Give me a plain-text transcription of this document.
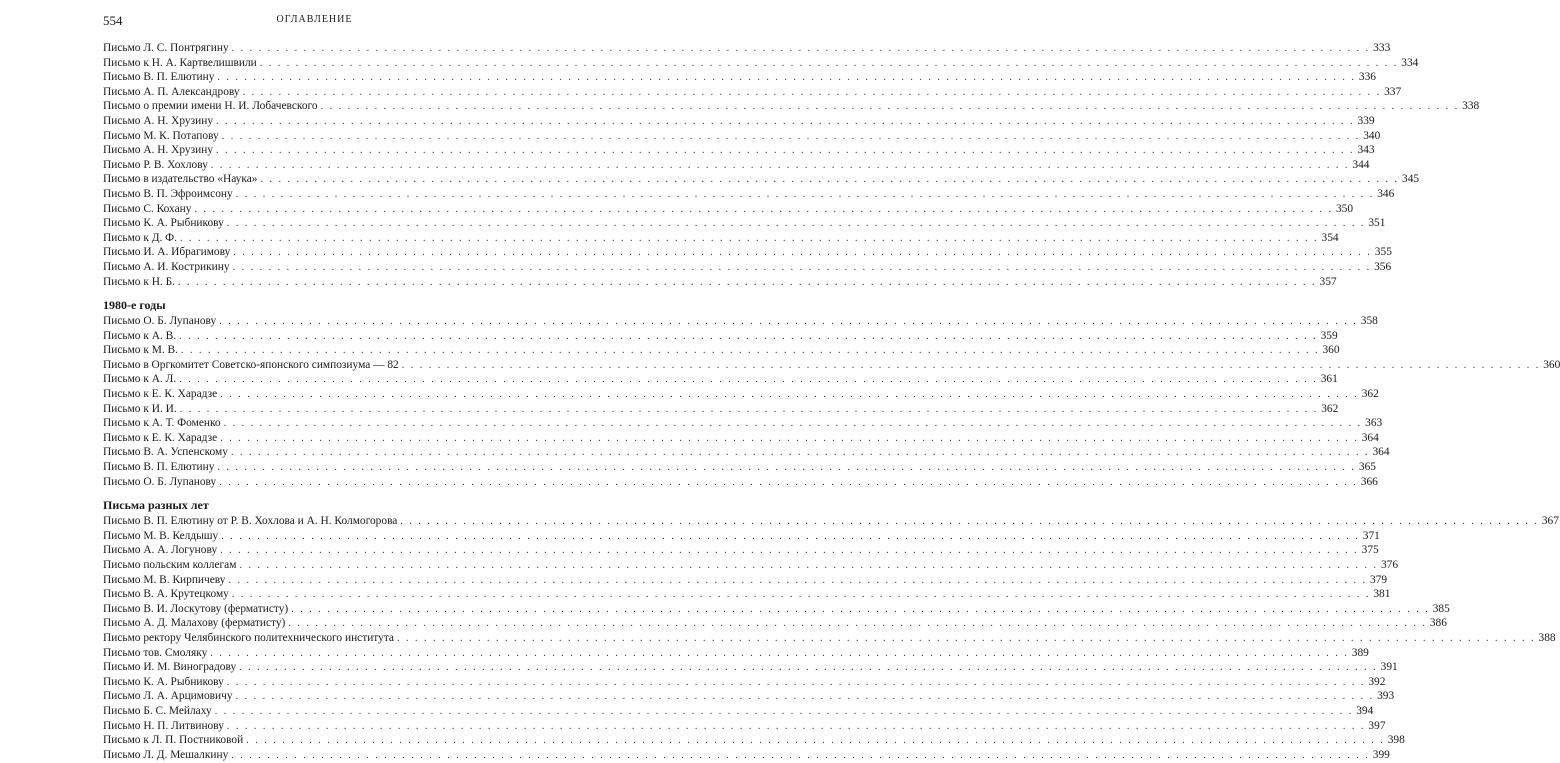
554	ОГЛАВЛЕНИЕ
Письмо Л. С. Понтрягину . . .	333
Письмо к Н. А. Картвелишвили . . .	334
Письмо В. П. Елютину . . .	336
Письмо А. П. Александрову . . .	337
Письмо о премии имени Н. И. Лобачевского . . .	338
Письмо А. Н. Хрузину . . .	339
Письмо М. К. Потапову . . .	340
Письмо А. Н. Хрузину . . .	343
Письмо Р. В. Хохлову . . .	344
Письмо в издательство «Наука» . . .	345
Письмо В. П. Эфроимсону . . .	346
Письмо С. Кохану . . .	350
Письмо К. А. Рыбникову . . .	351
Письмо к Д. Ф. . . .	354
Письмо И. А. Ибрагимову . . .	355
Письмо А. И. Кострикину . . .	356
Письмо к Н. Б. . . .	357
1980-е годы
Письмо О. Б. Лупанову . . .	358
Письмо к А. В. . . .	359
Письмо к М. В. . . .	360
Письмо в Оргкомитет Советско-японского симпозиума — 82 . . .	360
Письмо к А. Л. . . .	361
Письмо к Е. К. Харадзе . . .	362
Письмо к И. И. . . .	362
Письмо к А. Т. Фоменко . . .	363
Письмо к Е. К. Харадзе . . .	364
Письмо В. А. Успенскому . . .	364
Письмо В. П. Елютину . . .	365
Письмо О. Б. Лупанову . . .	366
Письма разных лет
Письмо В. П. Елютину от Р. В. Хохлова и А. Н. Колмогорова . . .	367
Письмо М. В. Келдышу . . .	371
Письмо А. А. Логунову . . .	375
Письмо польским коллегам . . .	376
Письмо М. В. Кирпичеву . . .	379
Письмо В. А. Крутецкому . . .	381
Письмо В. И. Лоскутову (ферматисту) . . .	385
Письмо А. Д. Малахову (ферматисту) . . .	386
Письмо ректору Челябинского политехнического института . . .	388
Письмо тов. Смоляку . . .	389
Письмо И. М. Виноградову . . .	391
Письмо К. А. Рыбникову . . .	392
Письмо Л. А. Арцимовичу . . .	393
Письмо Б. С. Мейлаху . . .	394
Письмо Н. П. Литвинову . . .	397
Письмо к Л. П. Постниковой . . .	398
Письмо Л. Д. Мешалкину . . .	399
